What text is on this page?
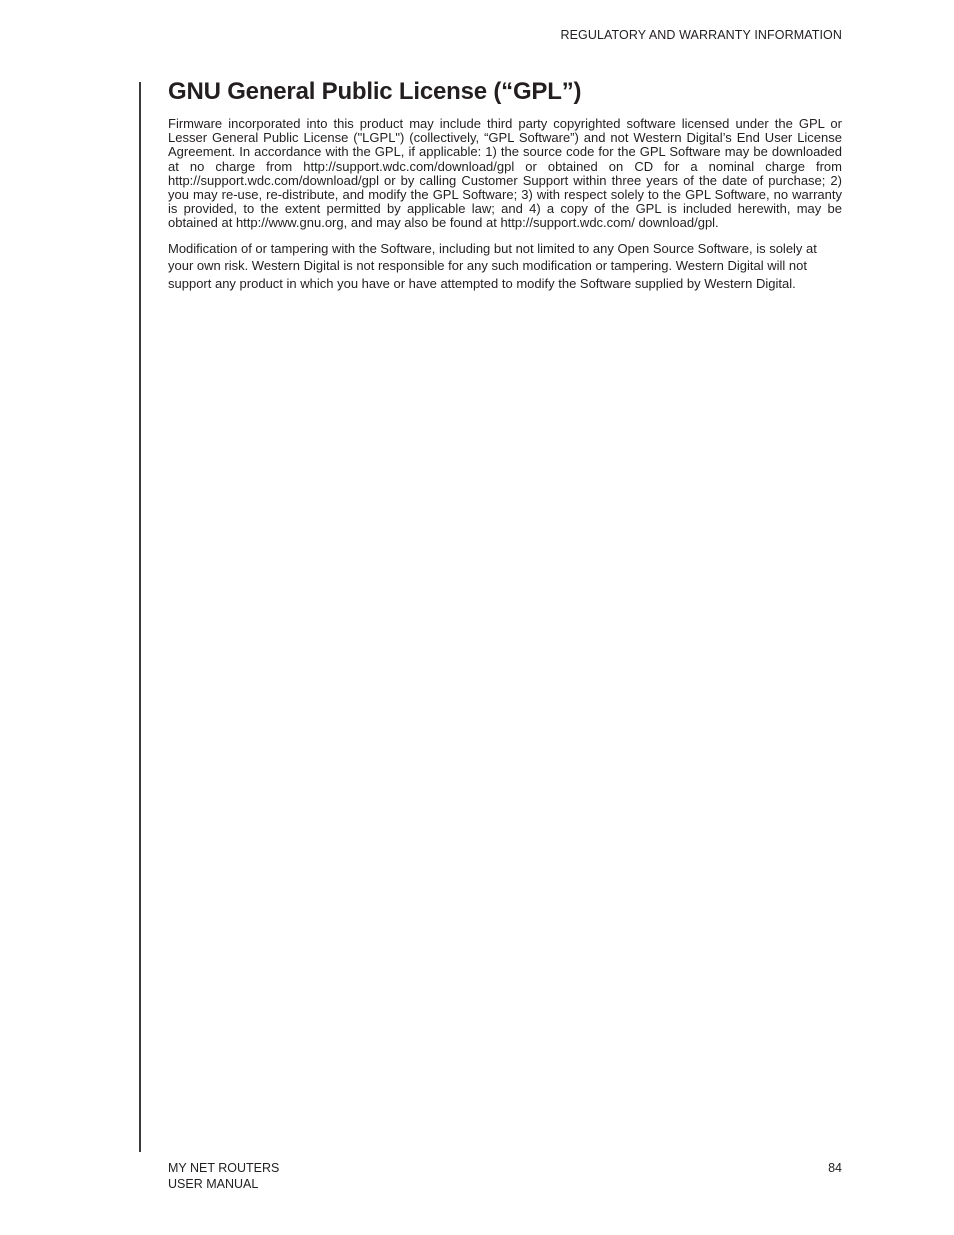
REGULATORY AND WARRANTY INFORMATION
GNU General Public License (“GPL”)

Firmware incorporated into this product may include third party copyrighted software licensed under the GPL or Lesser General Public License ("LGPL") (collectively, “GPL Software”) and not Western Digital’s End User License Agreement. In accordance with the GPL, if applicable: 1) the source code for the GPL Software may be downloaded at no charge from http://support.wdc.com/download/gpl or obtained on CD for a nominal charge from http://support.wdc.com/download/gpl or by calling Customer Support within three years of the date of purchase; 2) you may re-use, re-distribute, and modify the GPL Software; 3) with respect solely to the GPL Software, no warranty is provided, to the extent permitted by applicable law; and 4) a copy of the GPL is included herewith, may be obtained at http://www.gnu.org, and may also be found at http://support.wdc.com/ download/gpl.

Modification of or tampering with the Software, including but not limited to any Open Source Software, is solely at your own risk. Western Digital is not responsible for any such modification or tampering. Western Digital will not support any product in which you have or have attempted to modify the Software supplied by Western Digital.

MY NET ROUTERS
USER MANUAL
84
